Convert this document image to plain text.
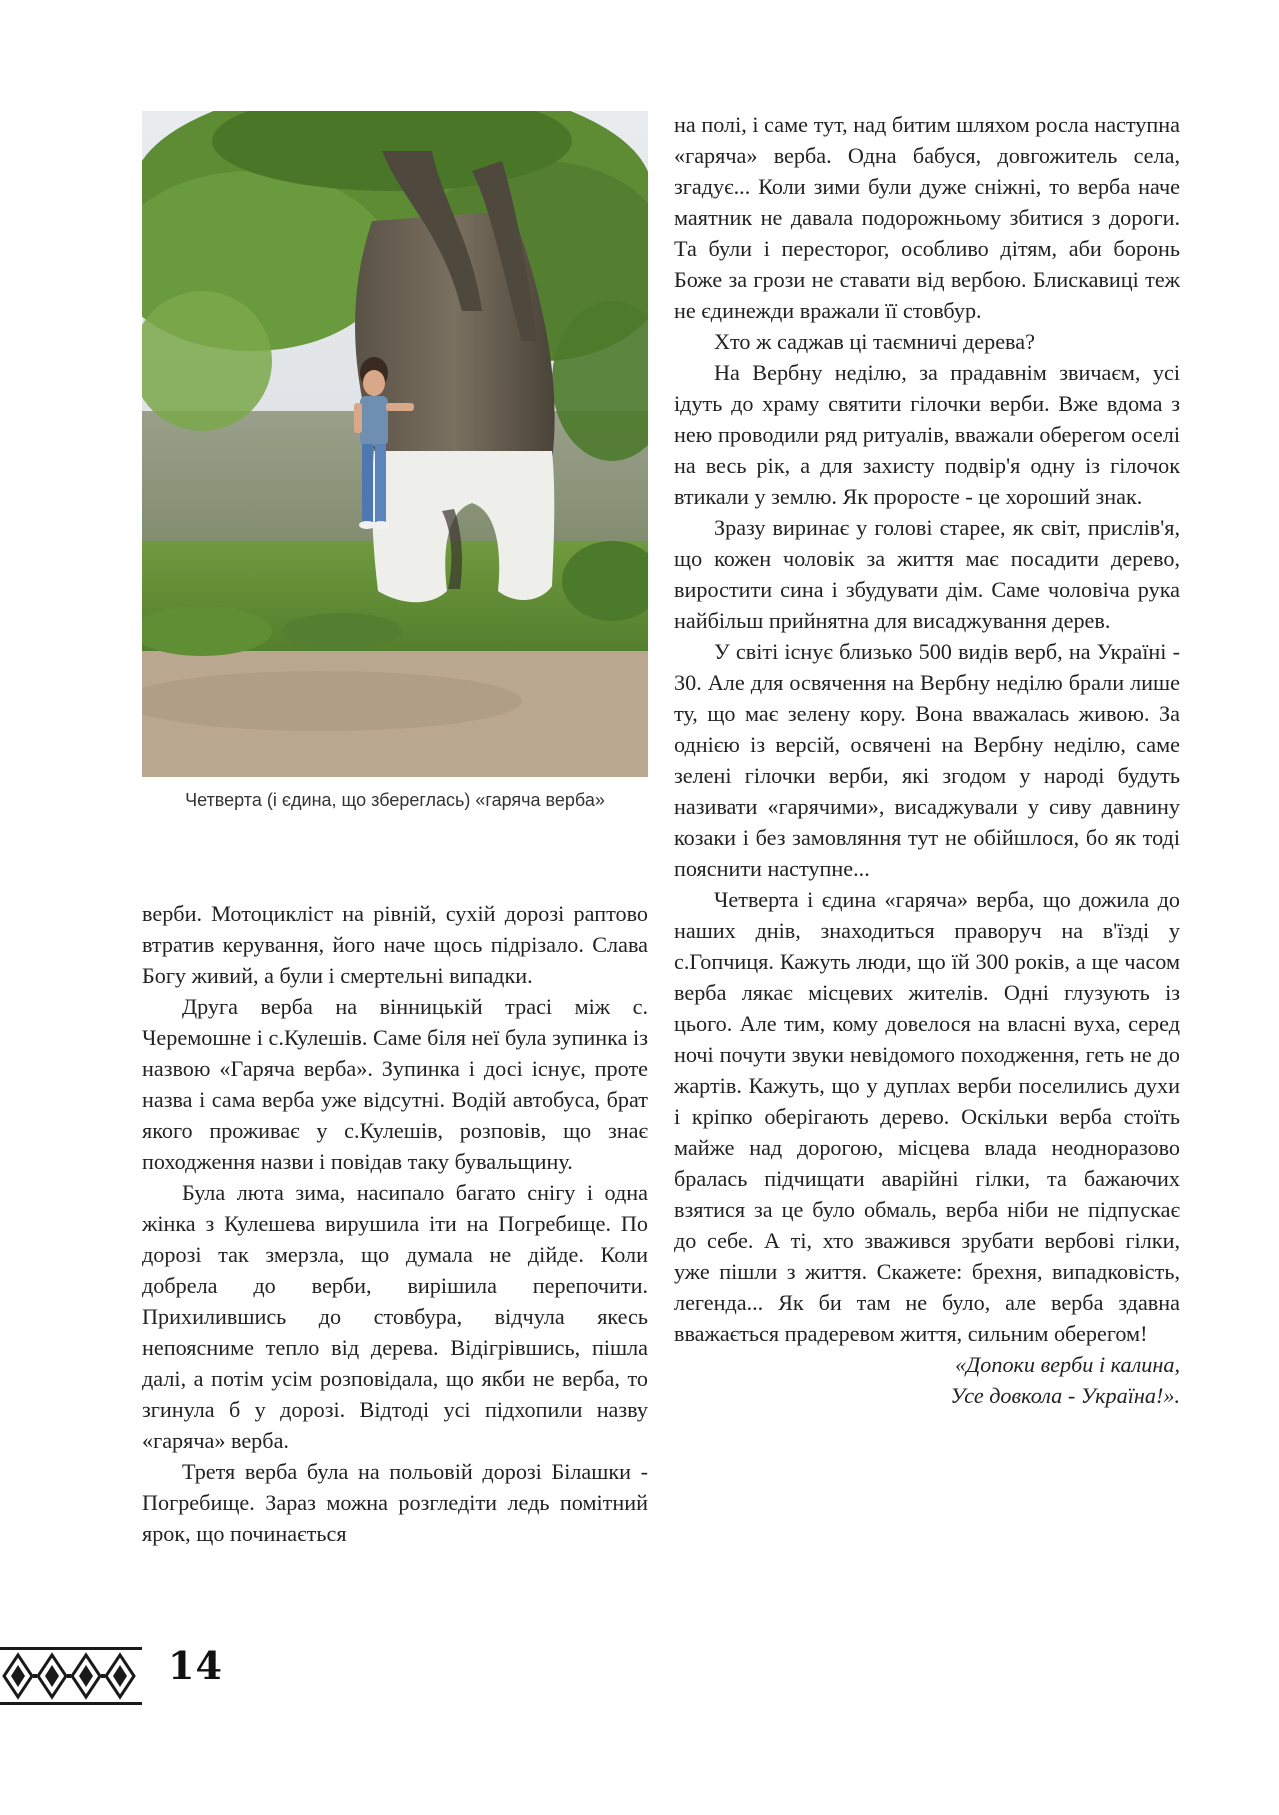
Четверта (і єдина, що збереглась) «гаряча верба»

верби. Мотоцикліст на рівній, сухій дорозі раптово втратив керування, його наче щось підрізало. Слава Богу живий, а були і смертельні випадки.

Друга верба на вінницькій трасі між с. Черемошне і с.Кулешів. Саме біля неї була зупинка із назвою «Гаряча верба». Зупинка і досі існує, проте назва і сама верба уже відсутні. Водій автобуса, брат якого проживає у с.Кулешів, розповів, що знає походження назви і повідав таку бувальщину.

Була люта зима, насипало багато снігу і одна жінка з Кулешева вирушила іти на Погребище. По дорозі так змерзла, що думала не дійде. Коли добрела до верби, вирішила перепочити. Прихилившись до стовбура, відчула якесь непоясниме тепло від дерева. Відігрівшись, пішла далі, а потім усім розповідала, що якби не верба, то згинула б у дорозі. Відтоді усі підхопили назву «гаряча» верба.

Третя верба була на польовій дорозі Білашки - Погребище. Зараз можна розгледіти ледь помітний ярок, що починається

на полі, і саме тут, над битим шляхом росла наступна «гаряча» верба. Одна бабуся, довгожитель села, згадує... Коли зими були дуже сніжні, то верба наче маятник не давала подорожньому збитися з дороги. Та були і пересторог, особливо дітям, аби боронь Боже за грози не ставати від вербою. Блискавиці теж не єдинежди вражали її стовбур.

Хто ж саджав ці таємничі дерева?

На Вербну неділю, за прадавнім звичаєм, усі ідуть до храму святити гілочки верби. Вже вдома з нею проводили ряд ритуалів, вважали оберегом оселі на весь рік, а для захисту подвір'я одну із гілочок втикали у землю. Як проросте - це хороший знак.

Зразу виринає у голові старее, як світ, прислів'я, що кожен чоловік за життя має посадити дерево, виростити сина і збудувати дім. Саме чоловіча рука найбільш прийнятна для висаджування дерев.

У світі існує близько 500 видів верб, на Україні - 30. Але для освячення на Вербну неділю брали лише ту, що має зелену кору. Вона вважалась живою. За однією із версій, освячені на Вербну неділю, саме зелені гілочки верби, які згодом у народі будуть називати «гарячими», висаджували у сиву давнину козаки і без замовляння тут не обійшлося, бо як тоді пояснити наступне...

Четверта і єдина «гаряча» верба, що дожила до наших днів, знаходиться праворуч на в'їзді у с.Гопчиця. Кажуть люди, що їй 300 років, а ще часом верба лякає місцевих жителів. Одні глузують із цього. Але тим, кому довелося на власні вуха, серед ночі почути звуки невідомого походження, геть не до жартів. Кажуть, що у дуплах верби поселились духи і кріпко оберігають дерево. Оскільки верба стоїть майже над дорогою, місцева влада неодноразово бралась підчищати аварійні гілки, та бажаючих взятися за це було обмаль, верба ніби не підпускає до себе. А ті, хто зважився зрубати вербові гілки, уже пішли з життя. Скажете: брехня, випадковість, легенда... Як би там не було, але верба здавна вважається прадеревом життя, сильним оберегом!

«Допоки верби і калина,
Усе довкола - Україна!».

14
